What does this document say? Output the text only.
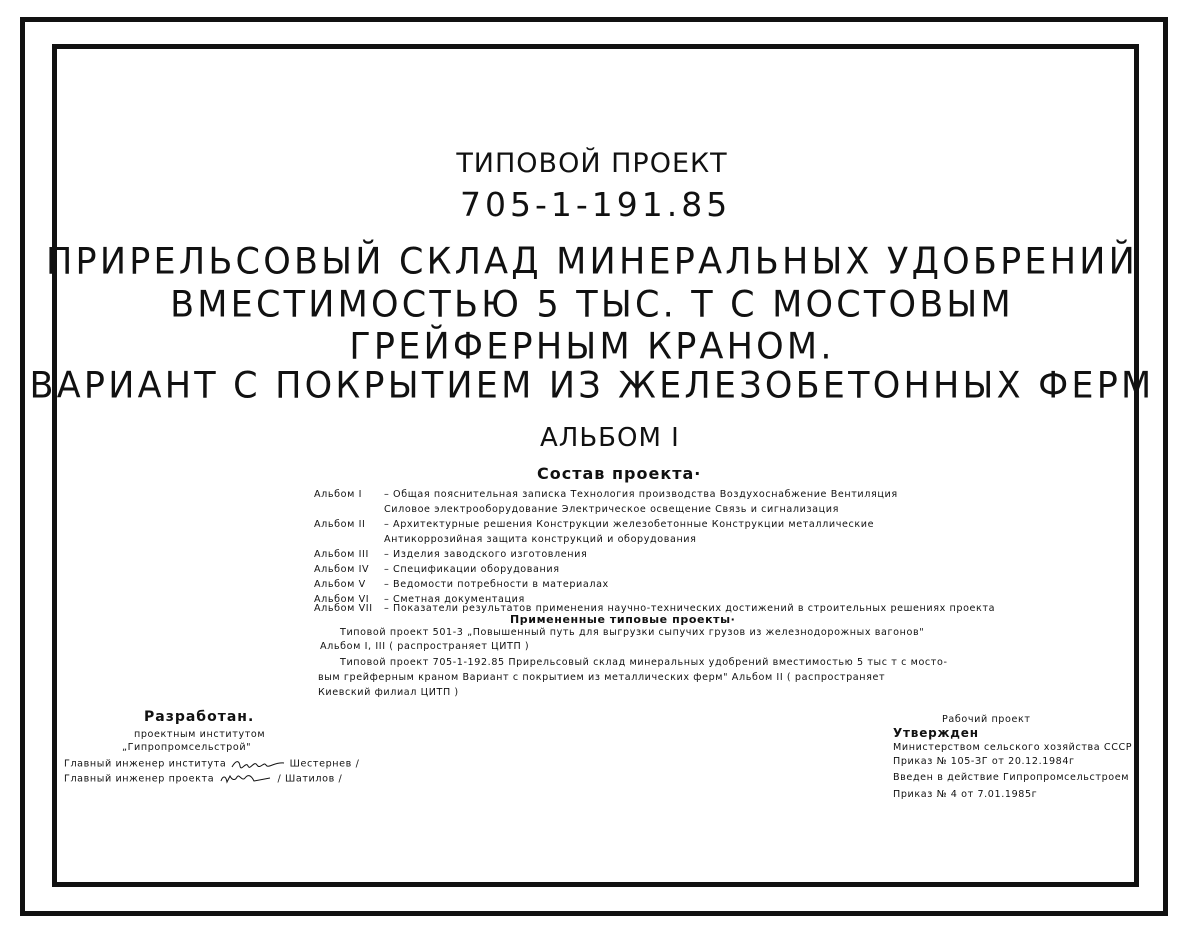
ТИПОВОЙ ПРОЕКТ
705-1-191.85
ПРИРЕЛЬСОВЫЙ СКЛАД МИНЕРАЛЬНЫХ УДОБРЕНИЙ
ВМЕСТИМОСТЬЮ 5 ТЫС. Т С МОСТОВЫМ
ГРЕЙФЕРНЫМ КРАНОМ.
ВАРИАНТ С ПОКРЫТИЕМ ИЗ ЖЕЛЕЗОБЕТОННЫХ ФЕРМ
АЛЬБОМ I
Состав проекта·
Альбом I – Общая пояснительная записка Технология производства Воздухоснабжение Вентиляция
Силовое электрооборудование Электрическое освещение Связь и сигнализация
Альбом II – Архитектурные решения Конструкции железобетонные Конструкции металлические
Антикоррозийная защита конструкций и оборудования
Альбом III – Изделия заводского изготовления
Альбом IV – Спецификации оборудования
Альбом V – Ведомости потребности в материалах
Альбом VI – Сметная документация
Альбом VII – Показатели результатов применения научно-технических достижений в строительных решениях проекта
Примененные типовые проекты·
Типовой проект 501-3 „Повышенный путь для выгрузки сыпучих грузов из железнодорожных вагонов"
Альбом I, III ( распространяет ЦИТП )
Типовой проект 705-1-192.85 Прирельсовый склад минеральных удобрений вместимостью 5 тыс т с мосто-
вым грейферным краном Вариант с покрытием из металлических ферм" Альбом II ( распространяет
Киевский филиал ЦИТП )
Разработан.
проектным институтом
„Гипропромсельстрой"
Главный инженер института	Шестернев /
Главный инженер проекта	/ Шатилов /
Рабочий проект
Утвержден
Министерством сельского хозяйства СССР
Приказ № 105-ЗГ от 20.12.1984г
Введен в действие Гипропромсельстроем
Приказ № 4 от 7.01.1985г
